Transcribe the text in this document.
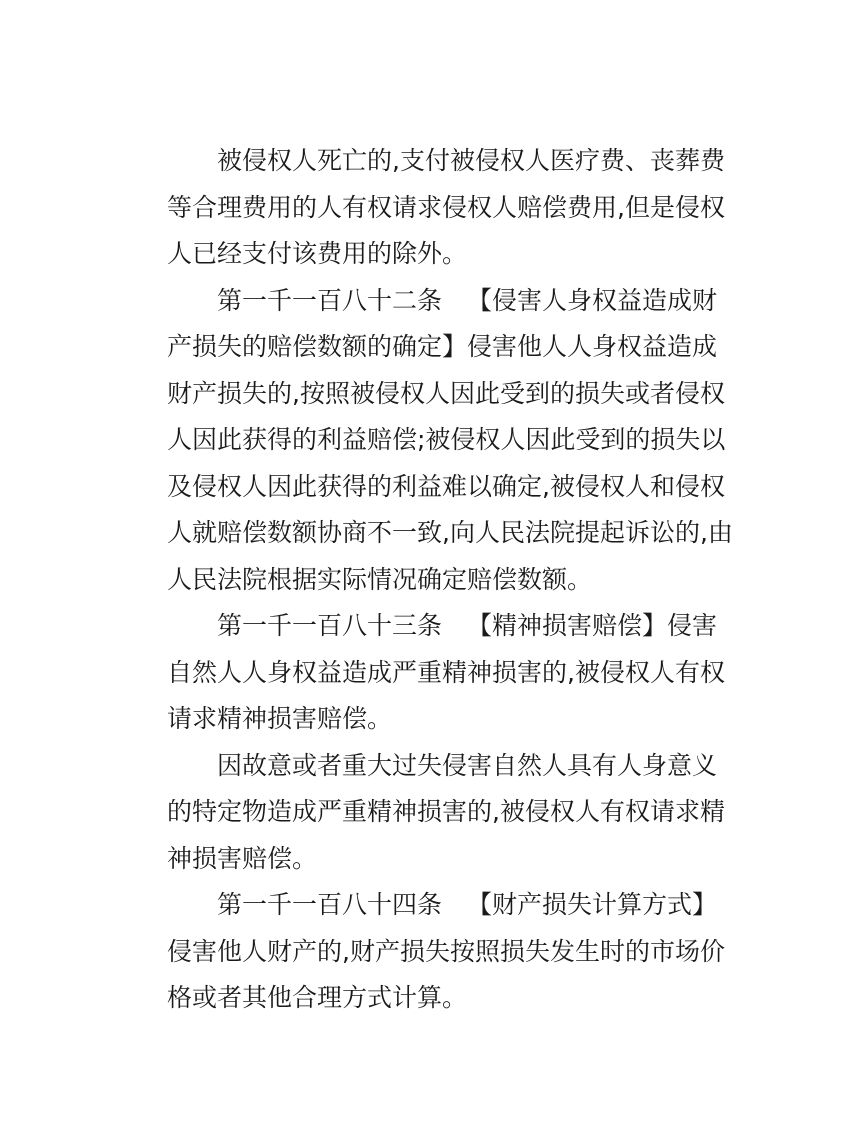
被侵权人死亡的,支付被侵权人医疗费、丧葬费
等合理费用的人有权请求侵权人赔偿费用,但是侵权
人已经支付该费用的除外。

第一千一百八十二条 【侵害人身权益造成财
产损失的赔偿数额的确定】侵害他人人身权益造成
财产损失的,按照被侵权人因此受到的损失或者侵权
人因此获得的利益赔偿;被侵权人因此受到的损失以
及侵权人因此获得的利益难以确定,被侵权人和侵权
人就赔偿数额协商不一致,向人民法院提起诉讼的,由
人民法院根据实际情况确定赔偿数额。

第一千一百八十三条 【精神损害赔偿】侵害
自然人人身权益造成严重精神损害的,被侵权人有权
请求精神损害赔偿。

因故意或者重大过失侵害自然人具有人身意义
的特定物造成严重精神损害的,被侵权人有权请求精
神损害赔偿。

第一千一百八十四条 【财产损失计算方式】
侵害他人财产的,财产损失按照损失发生时的市场价
格或者其他合理方式计算。
